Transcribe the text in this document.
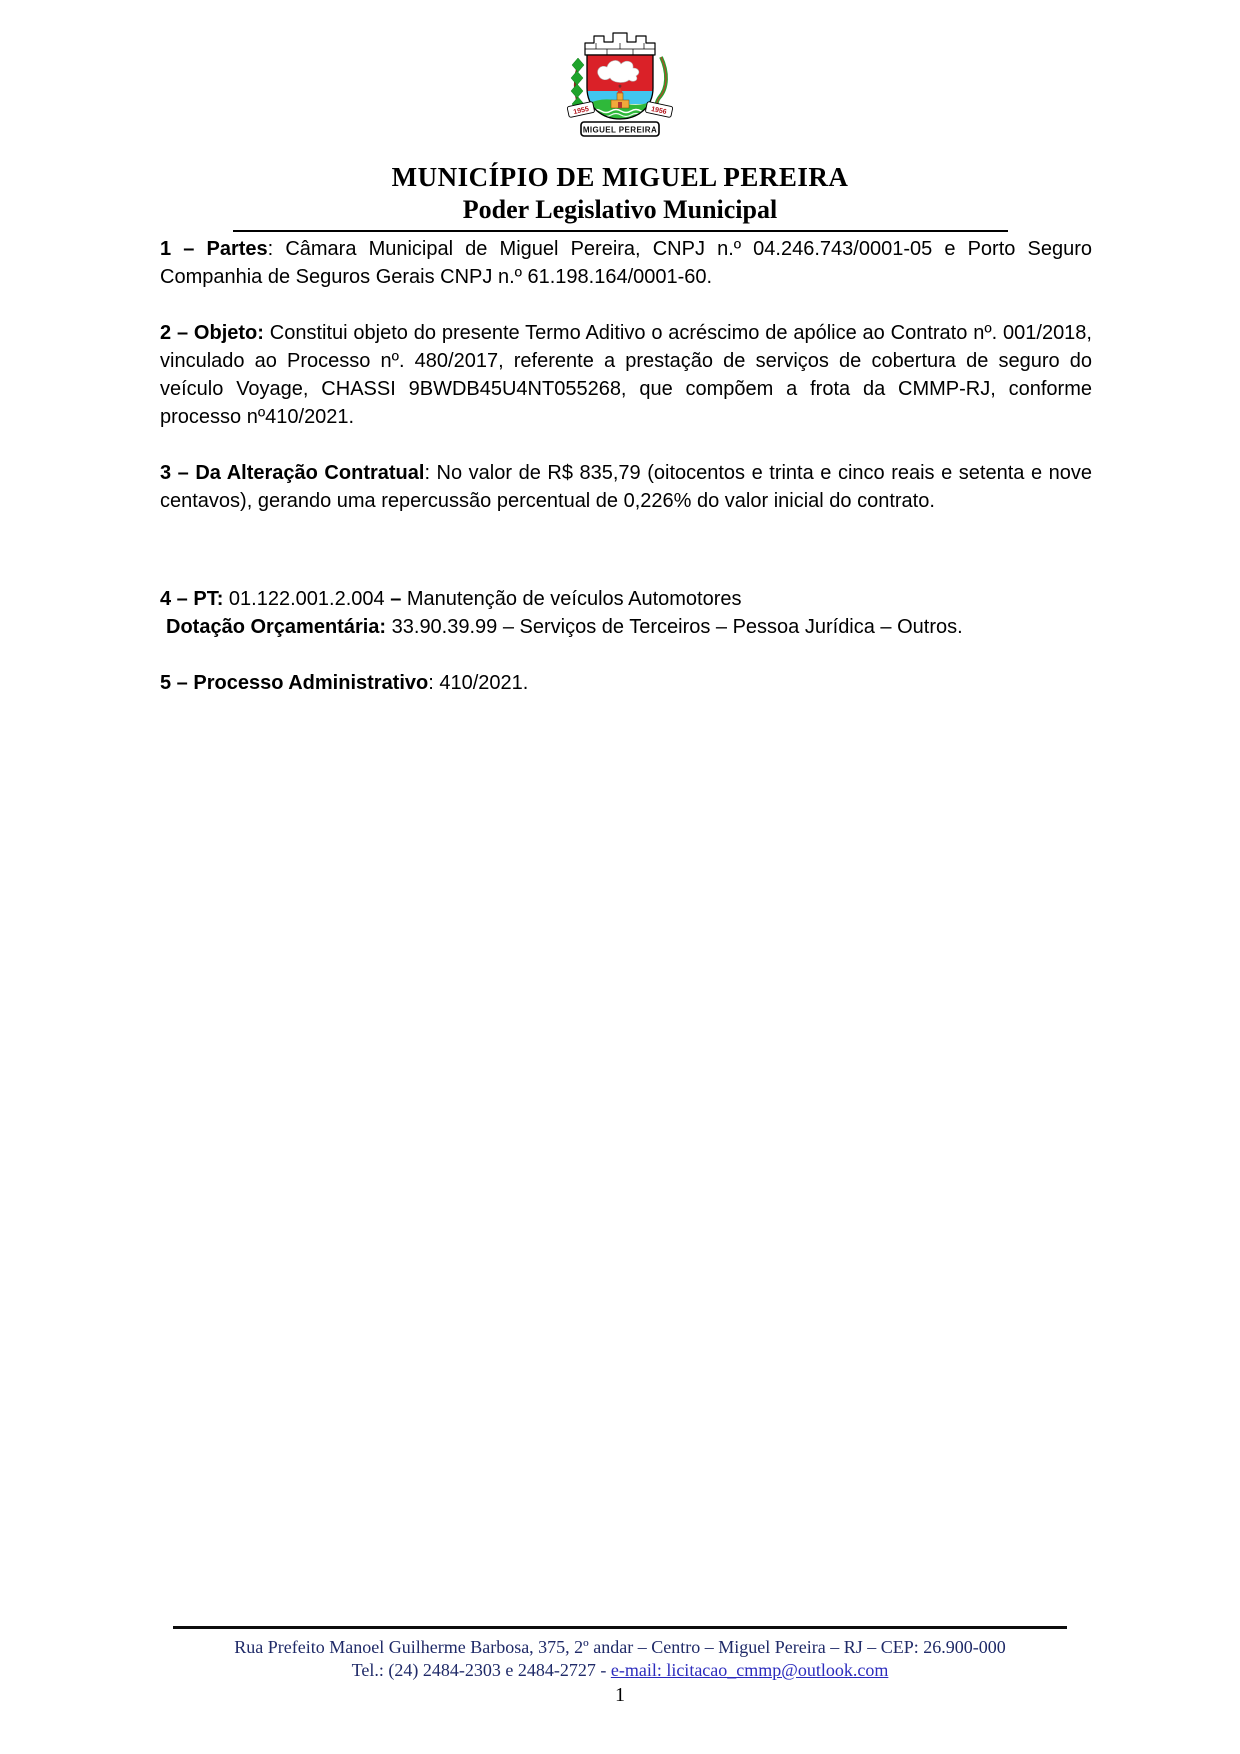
1955	1956
MIGUEL PEREIRA
MUNICÍPIO DE MIGUEL PEREIRA
Poder Legislativo Municipal

1 – Partes: Câmara Municipal de Miguel Pereira, CNPJ n.º 04.246.743/0001-05 e Porto Seguro Companhia de Seguros Gerais CNPJ n.º 61.198.164/0001-60.

2 – Objeto: Constitui objeto do presente Termo Aditivo o acréscimo de apólice ao Contrato nº. 001/2018, vinculado ao Processo nº. 480/2017, referente a prestação de serviços de cobertura de seguro do veículo Voyage, CHASSI 9BWDB45U4NT055268, que compõem a frota da CMMP-RJ, conforme processo nº410/2021.

3 – Da Alteração Contratual: No valor de R$ 835,79 (oitocentos e trinta e cinco reais e setenta e nove centavos), gerando uma repercussão percentual de 0,226% do valor inicial do contrato.

4 – PT: 01.122.001.2.004 – Manutenção de veículos Automotores
Dotação Orçamentária: 33.90.39.99 – Serviços de Terceiros – Pessoa Jurídica – Outros.

5 – Processo Administrativo: 410/2021.

Rua Prefeito Manoel Guilherme Barbosa, 375, 2º andar – Centro – Miguel Pereira – RJ – CEP: 26.900-000
Tel.: (24) 2484-2303 e 2484-2727 - e-mail: licitacao_cmmp@outlook.com
1
